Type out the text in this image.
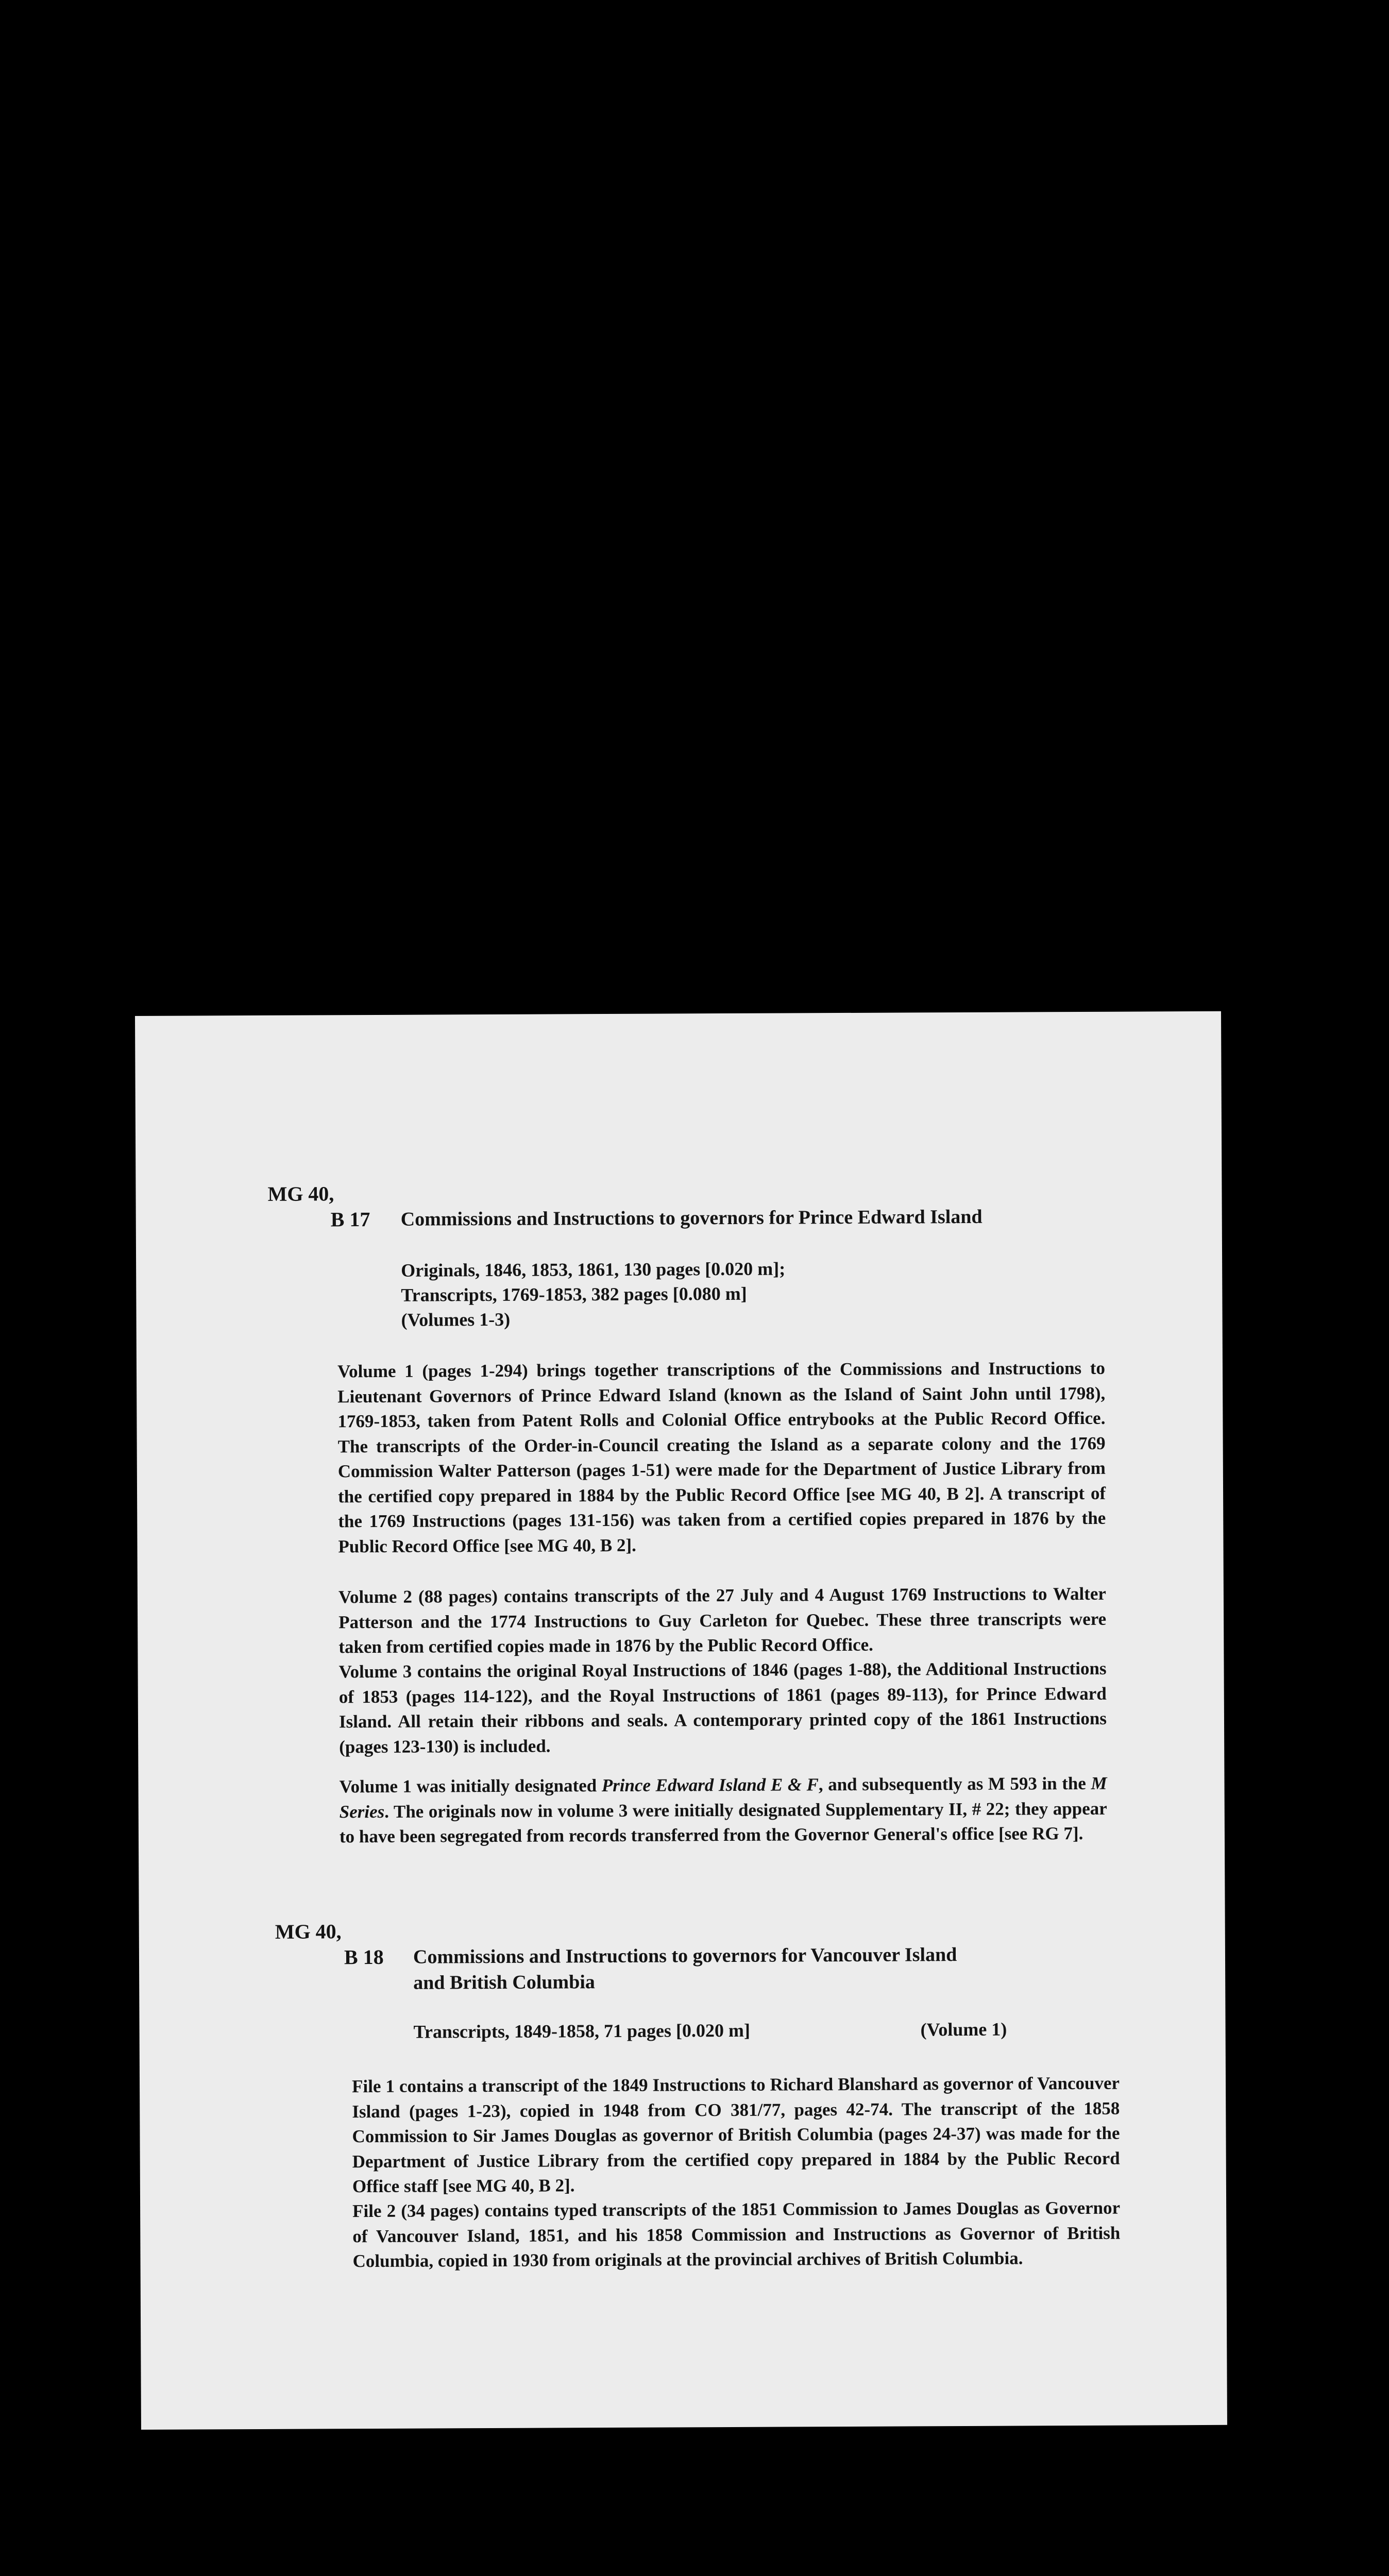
MG 40,
B 17 Commissions and Instructions to governors for Prince Edward Island
Originals, 1846, 1853, 1861, 130 pages [0.020 m];
Transcripts, 1769-1853, 382 pages [0.080 m]
(Volumes 1-3)
Volume 1 (pages 1-294) brings together transcriptions of the Commissions and Instructions to Lieutenant Governors of Prince Edward Island (known as the Island of Saint John until 1798), 1769-1853, taken from Patent Rolls and Colonial Office entrybooks at the Public Record Office. The transcripts of the Order-in-Council creating the Island as a separate colony and the 1769 Commission Walter Patterson (pages 1-51) were made for the Department of Justice Library from the certified copy prepared in 1884 by the Public Record Office [see MG 40, B 2]. A transcript of the 1769 Instructions (pages 131-156) was taken from a certified copies prepared in 1876 by the Public Record Office [see MG 40, B 2].
Volume 2 (88 pages) contains transcripts of the 27 July and 4 August 1769 Instructions to Walter Patterson and the 1774 Instructions to Guy Carleton for Quebec. These three transcripts were taken from certified copies made in 1876 by the Public Record Office.
Volume 3 contains the original Royal Instructions of 1846 (pages 1-88), the Additional Instructions of 1853 (pages 114-122), and the Royal Instructions of 1861 (pages 89-113), for Prince Edward Island. All retain their ribbons and seals. A contemporary printed copy of the 1861 Instructions (pages 123-130) is included.
Volume 1 was initially designated Prince Edward Island E & F, and subsequently as M 593 in the M Series. The originals now in volume 3 were initially designated Supplementary II, # 22; they appear to have been segregated from records transferred from the Governor General's office [see RG 7].
MG 40,
B 18 Commissions and Instructions to governors for Vancouver Island
and British Columbia
Transcripts, 1849-1858, 71 pages [0.020 m]	(Volume 1)
File 1 contains a transcript of the 1849 Instructions to Richard Blanshard as governor of Vancouver Island (pages 1-23), copied in 1948 from CO 381/77, pages 42-74. The transcript of the 1858 Commission to Sir James Douglas as governor of British Columbia (pages 24-37) was made for the Department of Justice Library from the certified copy prepared in 1884 by the Public Record Office staff [see MG 40, B 2].
File 2 (34 pages) contains typed transcripts of the 1851 Commission to James Douglas as Governor of Vancouver Island, 1851, and his 1858 Commission and Instructions as Governor of British Columbia, copied in 1930 from originals at the provincial archives of British Columbia.
